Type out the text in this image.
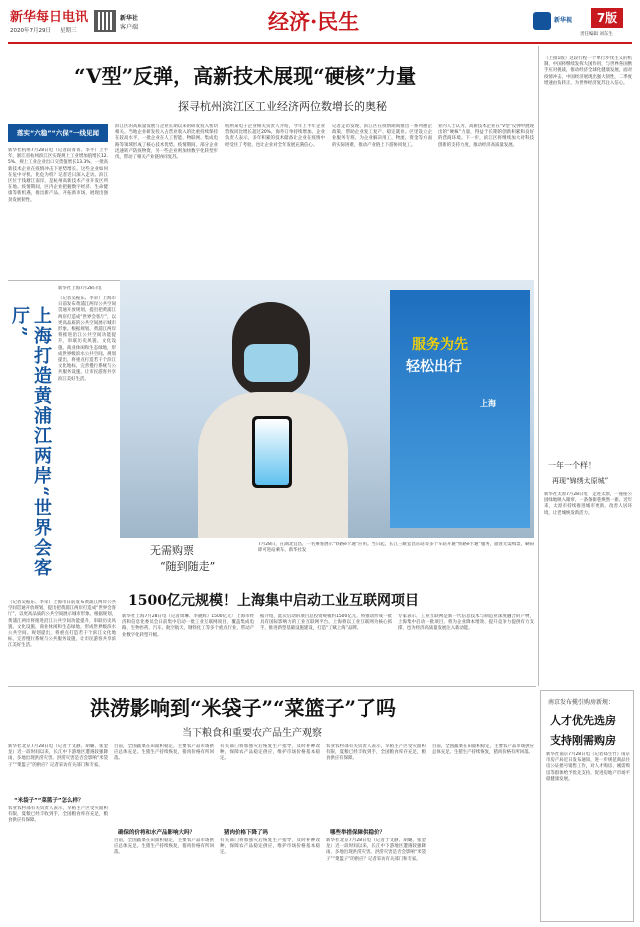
新华每日电讯
2020年7月29日 星期三
新华社
客户端	经济·民生	新华视	7版
责任编辑 刘东生
“V型”反弹，高新技术展现“硬核”力量
探寻杭州滨江区工业经济两位数增长的奥秘
落实“六稳”“六保”一线见闻
新华社杭州7月28日电（记者段菁菁、李平）上半年，浙江省杭州滨江区实现规上工业增加值增长12.5%、规上工业企业出口交货值增长13.3%，一批高新技术企业在疫情冲击下逆势增长。这些企业如何在危中寻机、化危为机？记者近日深入走访。滨江区位于钱塘江南岸，是杭州高新技术产业开发区所在地。疫情期间，区内企业把握数字经济、生命健康等新机遇，推出新产品、开拓新市场，展现出强劲发展韧性。
滨江区的高质量发展与企业长期以来的研发投入密切相关。当地企业研发投入占营业收入的比重持续保持在较高水平，一批企业在人工智能、物联网、集成电路等领域形成了核心技术优势。疫情期间，部分企业迅速转产防疫物资，另一些企业则加快数字化转型步伐，带动了相关产业链协同复苏。
杭州某电子企业相关负责人介绍，今年上半年企业营收同比增长超过20%，海外订单持续增加。企业负责人表示，多年积累的技术储备让企业在疫情中经受住了考验，也让企业对全年发展充满信心。
记者走访发现，滨江区在疫情期间推出一系列惠企政策，帮助企业复工复产、稳定就业。区里设立企业服务专班，为企业解决用工、物流、资金等方面的实际困难，推动产业链上下游协同复工。
业内人士认为，高新技术企业在“V型”反弹中展现出的“硬核”力量，得益于长期的创新积累和良好的营商环境。下一步，滨江区将继续加大对科技创新的支持力度，推动经济高质量发展。
（上接1版）这段行程一个单行步伐主义的机制，中国将继续发挥大国作用，与世界各国携手应对挑战，推动经济全球化健康发展。面对疫情冲击，中国经济展现出强大韧性，二季度增速由负转正，为世界经济复苏注入信心。
一年一个样！
再现“锦绣太原城”
新华社太原7月28日电　走进太原，一座座公园绿地映入眼帘，一条条街巷焕然一新。近年来，太原市持续推进城市更新，改善人居环境，让老城焕发新活力。
南京发布揽引购房新规：
人才优先选房
支持刚需购房
新华社南京7月28日电（记者郑生竹）南京市房产局近日发布通知，进一步规范商品住房公证摇号销售工作，对人才购房、刚需购房等群体给予优先支持，促进房地产市场平稳健康发展。
新华社上海7月28日电
上海打造黄浦江两岸“世界会客厅”
（记者吴振东、李荣）上海市日前发布黄浦江两岸公共空间贯通开放规划，提出把黄浦江两岸打造成“世界会客厅”，以更高品质的公共空间展示城市形象。根据规划，黄浦江两岸将推进沿江公共空间功能提升，串联历史风貌、文化设施、商业休闲和生态绿地，形成世界级滨水公共空间。规划提出，将重点打造若干个滨江文化地标，完善慢行系统与公共服务设施，让市民游客共享滨江美好生活。
（记者吴振东、李荣）上海市日前发布黄浦江两岸公共空间贯通开放规划，提出把黄浦江两岸打造成“世界会客厅”，以更高品质的公共空间展示城市形象。根据规划，黄浦江两岸将推进沿江公共空间功能提升，串联历史风貌、文化设施、商业休闲和生态绿地，形成世界级滨水公共空间。规划提出，将重点打造若干个滨江文化地标，完善慢行系统与公共服务设施，让市民游客共享滨江美好生活。
服务为先
轻松出行
上海
无需购票
“随到随走”
7月28日，在湖北宜昌，一名乘客展示“铁路e卡通”应用。当日起，长江三峡宜昌东站等多个车站开通“铁路e卡通”服务，旅客无需购票，刷码即可进站乘车。新华社发
1500亿元规模！上海集中启动工业互联网项目
新华社上海7月28日电（记者周琳、李晓辉）1500亿元！上海市经济和信息化委员会日前集中启动一批工业互联网项目，覆盖集成电路、生物医药、汽车、航空航天、钢铁化工等多个重点行业，带动产业数字化转型升级。
据介绍，此次启动的项目总投资规模约1500亿元，将推动形成一批具有国际影响力的工业互联网平台。上海将以工业互联网为核心抓手，推进新型基础设施建设，打造“工赋上海”品牌。
专家表示，工业互联网是新一代信息技术与制造业深度融合的产物，上海集中启动一批项目，将为企业降本增效、提升竞争力提供有力支撑，也为经济高质量发展注入新动能。
洪涝影响到“米袋子”“菜篮子”了吗
当下粮食和重要农产品生产观察
新华社北京7月28日电（记者于文静、胡璐、张金龙）近一段时间以来，长江中下游地区遭遇较强降雨，多地出现洪涝灾害。洪涝灾害是否会影响“米袋子”“菜篮子”的供应？记者采访有关部门和专家。
“米袋子”“菜篮子”怎么样？
农业农村部有关负责人表示，早稻主产区受灾面积有限，夏粮已经丰收到手，全国粮食库存充足，粮食供应有保障。
目前，全国蔬菜在田面积稳定，主要农产品市场供应总体充足。生猪生产持续恢复，猪肉价格有所回落。
确保的价将和水产品影响大吗？
目前，全国蔬菜在田面积稳定，主要农产品市场供应总体充足。生猪生产持续恢复，猪肉价格有所回落。
有关部门将加强灾后恢复生产指导，及时补种改种，保障农产品稳定供应，维护市场价格基本稳定。
猪肉价格下降了吗
有关部门将加强灾后恢复生产指导，及时补种改种，保障农产品稳定供应，维护市场价格基本稳定。
农业农村部有关负责人表示，早稻主产区受灾面积有限，夏粮已经丰收到手，全国粮食库存充足，粮食供应有保障。
哪些举措保障供稳价？
新华社北京7月28日电（记者于文静、胡璐、张金龙）近一段时间以来，长江中下游地区遭遇较强降雨，多地出现洪涝灾害。洪涝灾害是否会影响“米袋子”“菜篮子”的供应？记者采访有关部门和专家。
目前，全国蔬菜在田面积稳定，主要农产品市场供应总体充足。生猪生产持续恢复，猪肉价格有所回落。
